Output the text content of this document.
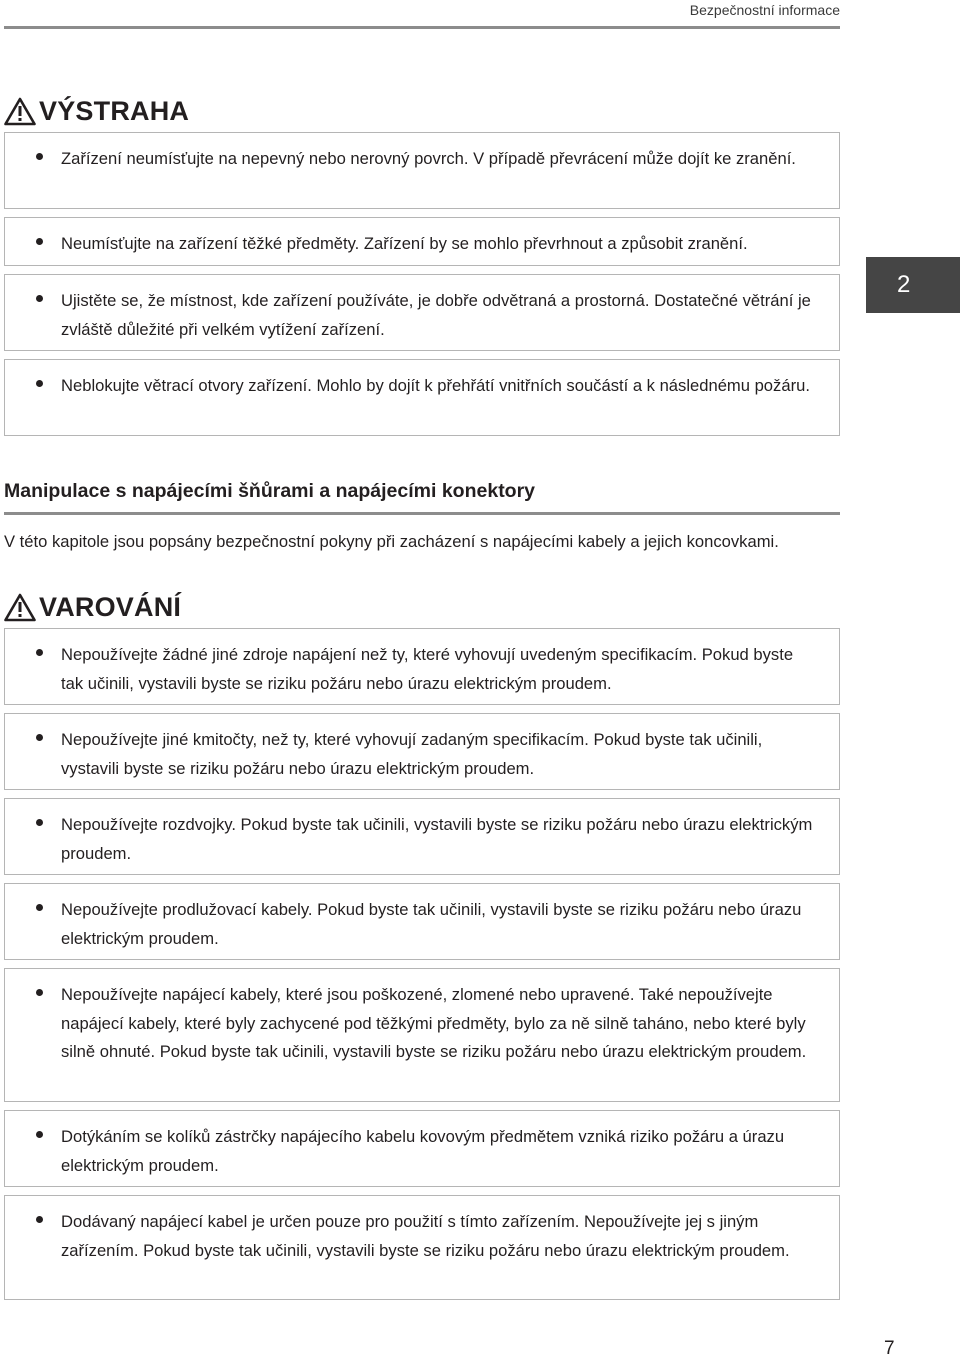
Bezpečnostní informace
2
VÝSTRAHA
Zařízení neumísťujte na nepevný nebo nerovný povrch. V případě převrácení může dojít ke zranění.
Neumísťujte na zařízení těžké předměty. Zařízení by se mohlo převrhnout a způsobit zranění.
Ujistěte se, že místnost, kde zařízení používáte, je dobře odvětraná a prostorná. Dostatečné větrání je zvláště důležité při velkém vytížení zařízení.
Neblokujte větrací otvory zařízení. Mohlo by dojít k přehřátí vnitřních součástí a k následnému požáru.
Manipulace s napájecími šňůrami a napájecími konektory
V této kapitole jsou popsány bezpečnostní pokyny při zacházení s napájecími kabely a jejich koncovkami.
VAROVÁNÍ
Nepoužívejte žádné jiné zdroje napájení než ty, které vyhovují uvedeným specifikacím. Pokud byste tak učinili, vystavili byste se riziku požáru nebo úrazu elektrickým proudem.
Nepoužívejte jiné kmitočty, než ty, které vyhovují zadaným specifikacím. Pokud byste tak učinili, vystavili byste se riziku požáru nebo úrazu elektrickým proudem.
Nepoužívejte rozdvojky. Pokud byste tak učinili, vystavili byste se riziku požáru nebo úrazu elektrickým proudem.
Nepoužívejte prodlužovací kabely. Pokud byste tak učinili, vystavili byste se riziku požáru nebo úrazu elektrickým proudem.
Nepoužívejte napájecí kabely, které jsou poškozené, zlomené nebo upravené. Také nepoužívejte napájecí kabely, které byly zachycené pod těžkými předměty, bylo za ně silně taháno, nebo které byly silně ohnuté. Pokud byste tak učinili, vystavili byste se riziku požáru nebo úrazu elektrickým proudem.
Dotýkáním se kolíků zástrčky napájecího kabelu kovovým předmětem vzniká riziko požáru a úrazu elektrickým proudem.
Dodávaný napájecí kabel je určen pouze pro použití s tímto zařízením. Nepoužívejte jej s jiným zařízením. Pokud byste tak učinili, vystavili byste se riziku požáru nebo úrazu elektrickým proudem.
7
